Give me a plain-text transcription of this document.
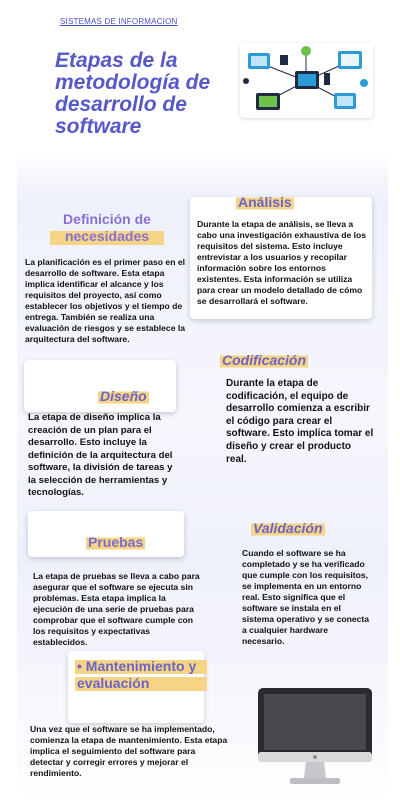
SISTEMAS DE INFORMACION
Etapas de la metodología de desarrollo de software
Análisis
Durante la etapa de análisis, se lleva a cabo una investigación exhaustiva de los requisitos del sistema. Esto incluye entrevistar a los usuarios y recopilar información sobre los entornos existentes. Esta información se utiliza para crear un modelo detallado de cómo se desarrollará el software.
Definición de necesidades
La planificación es el primer paso en el desarrollo de software. Esta etapa implica identificar el alcance y los requisitos del proyecto, así como establecer los objetivos y el tiempo de entrega. También se realiza una evaluación de riesgos y se establece la arquitectura del software.
Codificación
Durante la etapa de codificación, el equipo de desarrollo comienza a escribir el código para crear el software. Esto implica tomar el diseño y crear el producto real.
Diseño
La etapa de diseño implica la creación de un plan para el desarrollo. Esto incluye la definición de la arquitectura del software, la división de tareas y la selección de herramientas y tecnologías.
Pruebas
La etapa de pruebas se lleva a cabo para asegurar que el software se ejecuta sin problemas. Esta etapa implica la ejecución de una serie de pruebas para comprobar que el software cumple con los requisitos y expectativas establecidos.
Validación
Cuando el software se ha completado y se ha verificado que cumple con los requisitos, se implementa en un entorno real. Esto significa que el software se instala en el sistema operativo y se conecta a cualquier hardware necesario.
• Mantenimiento y evaluación
Una vez que el software se ha implementado, comienza la etapa de mantenimiento. Esta etapa implica el seguimiento del software para detectar y corregir errores y mejorar el rendimiento.
